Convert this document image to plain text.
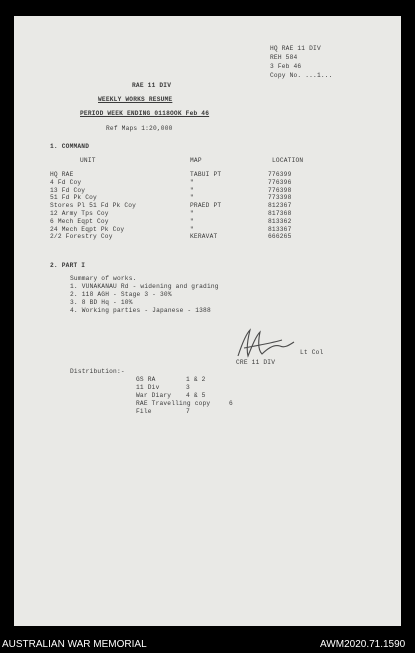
HQ RAE 11 DIV
REH 584
3 Feb 46
Copy No. ...1...
RAE 11 DIV
WEEKLY WORKS RESUME
PERIOD WEEK ENDING 0118OOK Feb 46
Ref Maps 1:20,000
1. COMMAND
UNIT	MAP	LOCATION
2. PART I
Summary of works.
1. VUNAKANAU Rd - widening and grading
2. 118 AGH - Stage 3 - 30%
3. 8 BD Hq - 10%
4. Working parties - Japanese - 1388
Lt Col
CRE 11 DIV
Distribution:-
AUSTRALIAN WAR MEMORIAL	AWM2020.71.1590
HQ RAE	TABUI PT	776399
4 Fd Coy	"	776396
13 Fd Coy	"	776398
51 Fd Pk Coy	"	773398
Stores Pl 51 Fd Pk Coy	PRAED PT	812367
12 Army Tps Coy	"	817368
6 Mech Eqpt Coy	"	813362
24 Mech Eqpt Pk Coy	"	813367
2/2 Forestry Coy	KERAVAT	666265
GS RA	1 & 2
11 Div	3
War Diary 4 & 5
RAE Travelling copy	6
File	7
